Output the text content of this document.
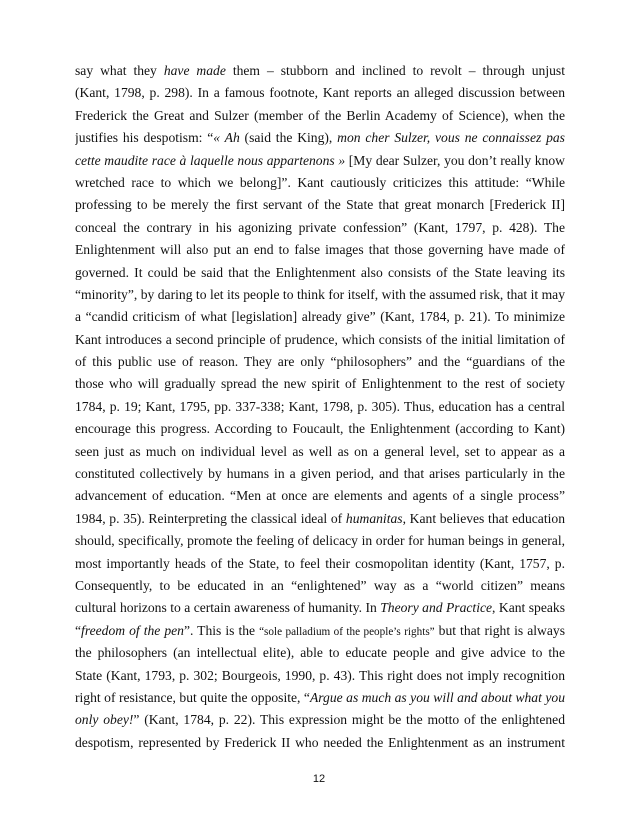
say what they have made them – stubborn and inclined to revolt – through unjust
(Kant, 1798, p. 298). In a famous footnote, Kant reports an alleged discussion between
Frederick the Great and Sulzer (member of the Berlin Academy of Science), when the
justifies his despotism: “« Ah (said the King), mon cher Sulzer, vous ne connaissez pas
cette maudite race à laquelle nous appartenons » [My dear Sulzer, you don’t really know
wretched race to which we belong]”. Kant cautiously criticizes this attitude: “While
professing to be merely the first servant of the State that great monarch [Frederick II]
conceal the contrary in his agonizing private confession” (Kant, 1797, p. 428). The
Enlightenment will also put an end to false images that those governing have made of
governed. It could be said that the Enlightenment also consists of the State leaving its
“minority”, by daring to let its people to think for itself, with the assumed risk, that it may
a “candid criticism of what [legislation] already give” (Kant, 1784, p. 21). To minimize
Kant introduces a second principle of prudence, which consists of the initial limitation of
of this public use of reason. They are only “philosophers” and the “guardians of the
those who will gradually spread the new spirit of Enlightenment to the rest of society
1784, p. 19; Kant, 1795, pp. 337-338; Kant, 1798, p. 305). Thus, education has a central
encourage this progress. According to Foucault, the Enlightenment (according to Kant)
seen just as much on individual level as well as on a general level, set to appear as a
constituted collectively by humans in a given period, and that arises particularly in the
advancement of education. “Men at once are elements and agents of a single process”
1984, p. 35). Reinterpreting the classical ideal of humanitas, Kant believes that education
should, specifically, promote the feeling of delicacy in order for human beings in general,
most importantly heads of the State, to feel their cosmopolitan identity (Kant, 1757, p.
Consequently, to be educated in an “enlightened” way as a “world citizen” means
cultural horizons to a certain awareness of humanity. In Theory and Practice, Kant speaks
“freedom of the pen”. This is the “sole palladium of the people’s rights” but that right is always
the philosophers (an intellectual elite), able to educate people and give advice to the
State (Kant, 1793, p. 302; Bourgeois, 1990, p. 43). This right does not imply recognition
right of resistance, but quite the opposite, “Argue as much as you will and about what you
only obey!” (Kant, 1784, p. 22). This expression might be the motto of the enlightened
despotism, represented by Frederick II who needed the Enlightenment as an instrument
12
